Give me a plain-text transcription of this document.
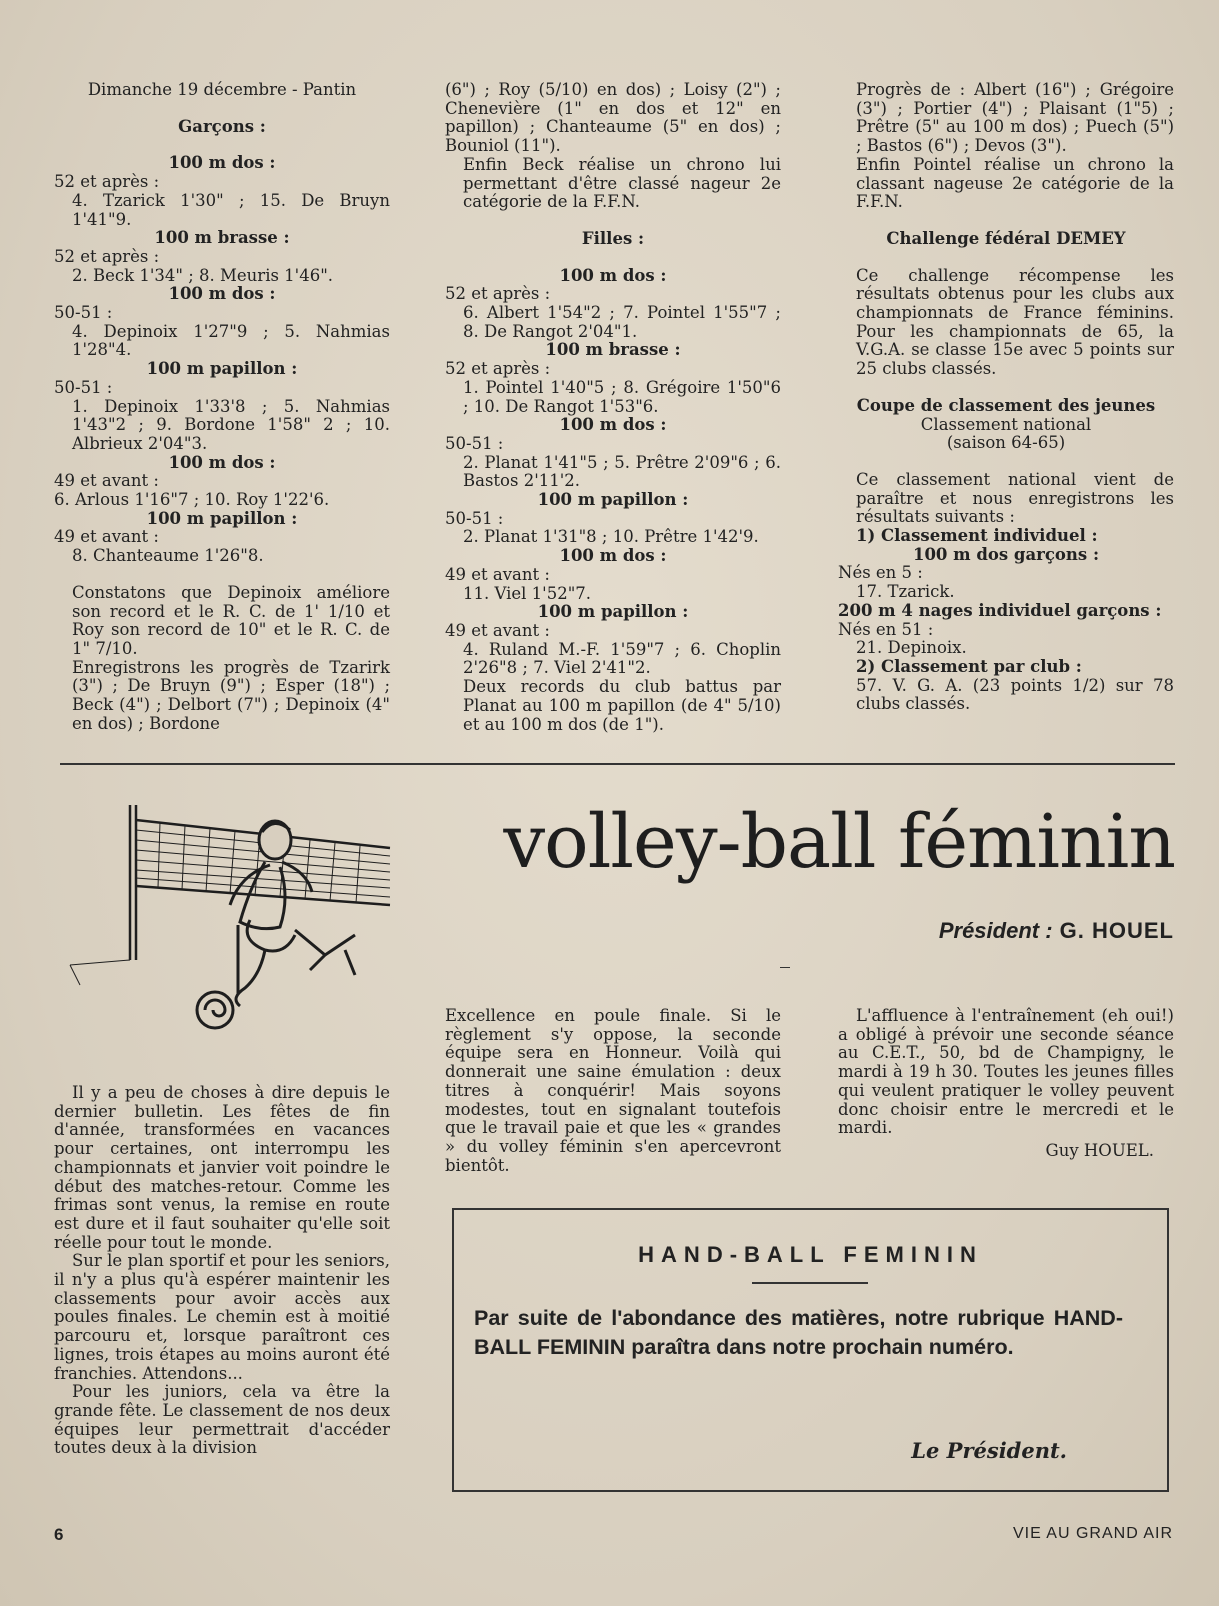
Dimanche 19 décembre - Pantin

Garçons :

100 m dos :

52 et après :

4. Tzarick 1'30" ; 15. De Bruyn 1'41"9.

100 m brasse :

52 et après :

2. Beck 1'34" ; 8. Meuris 1'46".

100 m dos :

50-51 :

4. Depinoix 1'27"9 ; 5. Nahmias 1'28"4.

100 m papillon :

50-51 :

1. Depinoix 1'33'8 ; 5. Nahmias 1'43"2 ; 9. Bordone 1'58" 2 ; 10. Albrieux 2'04"3.

100 m dos :

49 et avant :

6. Arlous 1'16"7 ; 10. Roy 1'22'6.

100 m papillon :

49 et avant :

8. Chanteaume 1'26"8.

Constatons que Depinoix améliore son record et le R. C. de 1' 1/10 et Roy son record de 10" et le R. C. de 1" 7/10.

Enregistrons les progrès de Tzarirk (3") ; De Bruyn (9") ; Esper (18") ; Beck (4") ; Delbort (7") ; Depinoix (4" en dos) ; Bordone

(6") ; Roy (5/10) en dos) ; Loisy (2") ; Chenevière (1" en dos et 12" en papillon) ; Chanteaume (5" en dos) ; Bouniol (11").

Enfin Beck réalise un chrono lui permettant d'être classé nageur 2e catégorie de la F.F.N.

Filles :

100 m dos :

52 et après :

6. Albert 1'54"2 ; 7. Pointel 1'55"7 ; 8. De Rangot 2'04"1.

100 m brasse :

52 et après :

1. Pointel 1'40"5 ; 8. Grégoire 1'50"6 ; 10. De Rangot 1'53"6.

100 m dos :

50-51 :

2. Planat 1'41"5 ; 5. Prêtre 2'09"6 ; 6. Bastos 2'11'2.

100 m papillon :

50-51 :

2. Planat 1'31"8 ; 10. Prêtre 1'42'9.

100 m dos :

49 et avant :

11. Viel 1'52"7.

100 m papillon :

49 et avant :

4. Ruland M.-F. 1'59"7 ; 6. Choplin 2'26"8 ; 7. Viel 2'41"2.

Deux records du club battus par Planat au 100 m papillon (de 4" 5/10) et au 100 m dos (de 1").

Progrès de : Albert (16") ; Grégoire (3") ; Portier (4") ; Plaisant (1"5) ; Prêtre (5" au 100 m dos) ; Puech (5") ; Bastos (6") ; Devos (3").

Enfin Pointel réalise un chrono la classant nageuse 2e catégorie de la F.F.N.

Challenge fédéral DEMEY

Ce challenge récompense les résultats obtenus pour les clubs aux championnats de France féminins. Pour les championnats de 65, la V.G.A. se classe 15e avec 5 points sur 25 clubs classés.

Coupe de classement des jeunes

Classement national

(saison 64-65)

Ce classement national vient de paraître et nous enregistrons les résultats suivants :

1) Classement individuel :

100 m dos garçons :

Nés en 5 :

17. Tzarick.

200 m 4 nages individuel garçons :

Nés en 51 :

21. Depinoix.

2) Classement par club :

57. V. G. A. (23 points 1/2) sur 78 clubs classés.

volley-ball féminin
Président : G. HOUEL

Il y a peu de choses à dire depuis le dernier bulletin. Les fêtes de fin d'année, transformées en vacances pour certaines, ont interrompu les championnats et janvier voit poindre le début des matches-retour. Comme les frimas sont venus, la remise en route est dure et il faut souhaiter qu'elle soit réelle pour tout le monde.

Sur le plan sportif et pour les seniors, il n'y a plus qu'à espérer maintenir les classements pour avoir accès aux poules finales. Le chemin est à moitié parcouru et, lorsque paraîtront ces lignes, trois étapes au moins auront été franchies. Attendons...

Pour les juniors, cela va être la grande fête. Le classement de nos deux équipes leur permettrait d'accéder toutes deux à la division

Excellence en poule finale. Si le règlement s'y oppose, la seconde équipe sera en Honneur. Voilà qui donnerait une saine émulation : deux titres à conquérir! Mais soyons modestes, tout en signalant toutefois que le travail paie et que les « grandes » du volley féminin s'en apercevront bientôt.

L'affluence à l'entraînement (eh oui!) a obligé à prévoir une seconde séance au C.E.T., 50, bd de Champigny, le mardi à 19 h 30. Toutes les jeunes filles qui veulent pratiquer le volley peuvent donc choisir entre le mercredi et le mardi.

Guy HOUEL.

HAND-BALL FEMININ
Par suite de l'abondance des matières, notre rubrique HAND-BALL FEMININ paraîtra dans notre prochain numéro.
Le Président.
6	VIE AU GRAND AIR
